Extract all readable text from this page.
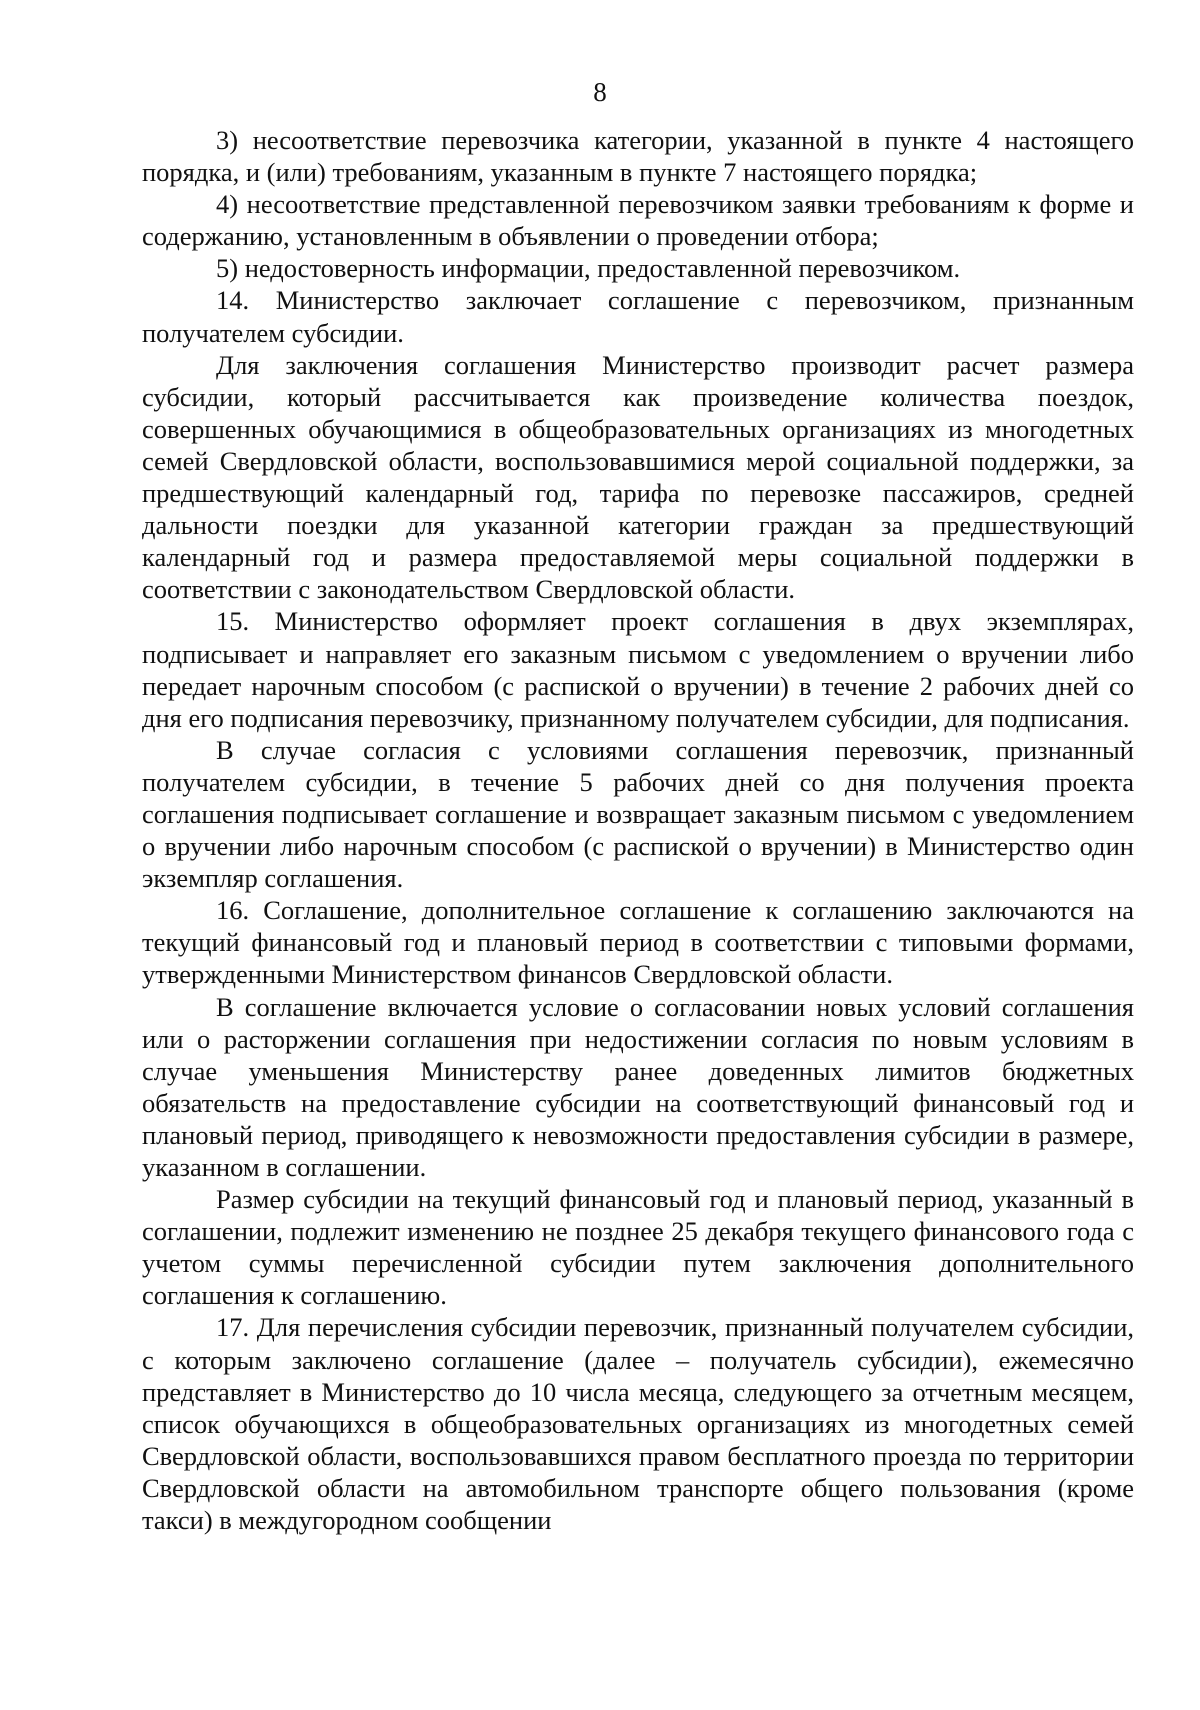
8

3) несоответствие перевозчика категории, указанной в пункте 4 настоящего порядка, и (или) требованиям, указанным в пункте 7 настоящего порядка;

4) несоответствие представленной перевозчиком заявки требованиям к форме и содержанию, установленным в объявлении о проведении отбора;

5) недостоверность информации, предоставленной перевозчиком.

14. Министерство заключает соглашение с перевозчиком, признанным получателем субсидии.

Для заключения соглашения Министерство производит расчет размера субсидии, который рассчитывается как произведение количества поездок, совершенных обучающимися в общеобразовательных организациях из многодетных семей Свердловской области, воспользовавшимися мерой социальной поддержки, за предшествующий календарный год, тарифа по перевозке пассажиров, средней дальности поездки для указанной категории граждан за предшествующий календарный год и размера предоставляемой меры социальной поддержки в соответствии с законодательством Свердловской области.

15. Министерство оформляет проект соглашения в двух экземплярах, подписывает и направляет его заказным письмом с уведомлением о вручении либо передает нарочным способом (с распиской о вручении) в течение 2 рабочих дней со дня его подписания перевозчику, признанному получателем субсидии, для подписания.

В случае согласия с условиями соглашения перевозчик, признанный получателем субсидии, в течение 5 рабочих дней со дня получения проекта соглашения подписывает соглашение и возвращает заказным письмом с уведомлением о вручении либо нарочным способом (с распиской о вручении) в Министерство один экземпляр соглашения.

16. Соглашение, дополнительное соглашение к соглашению заключаются на текущий финансовый год и плановый период в соответствии с типовыми формами, утвержденными Министерством финансов Свердловской области.

В соглашение включается условие о согласовании новых условий соглашения или о расторжении соглашения при недостижении согласия по новым условиям в случае уменьшения Министерству ранее доведенных лимитов бюджетных обязательств на предоставление субсидии на соответствующий финансовый год и плановый период, приводящего к невозможности предоставления субсидии в размере, указанном в соглашении.

Размер субсидии на текущий финансовый год и плановый период, указанный в соглашении, подлежит изменению не позднее 25 декабря текущего финансового года с учетом суммы перечисленной субсидии путем заключения дополнительного соглашения к соглашению.

17. Для перечисления субсидии перевозчик, признанный получателем субсидии, с которым заключено соглашение (далее – получатель субсидии), ежемесячно представляет в Министерство до 10 числа месяца, следующего за отчетным месяцем, список обучающихся в общеобразовательных организациях из многодетных семей Свердловской области, воспользовавшихся правом бесплатного проезда по территории Свердловской области на автомобильном транспорте общего пользования (кроме такси) в междугородном сообщении
